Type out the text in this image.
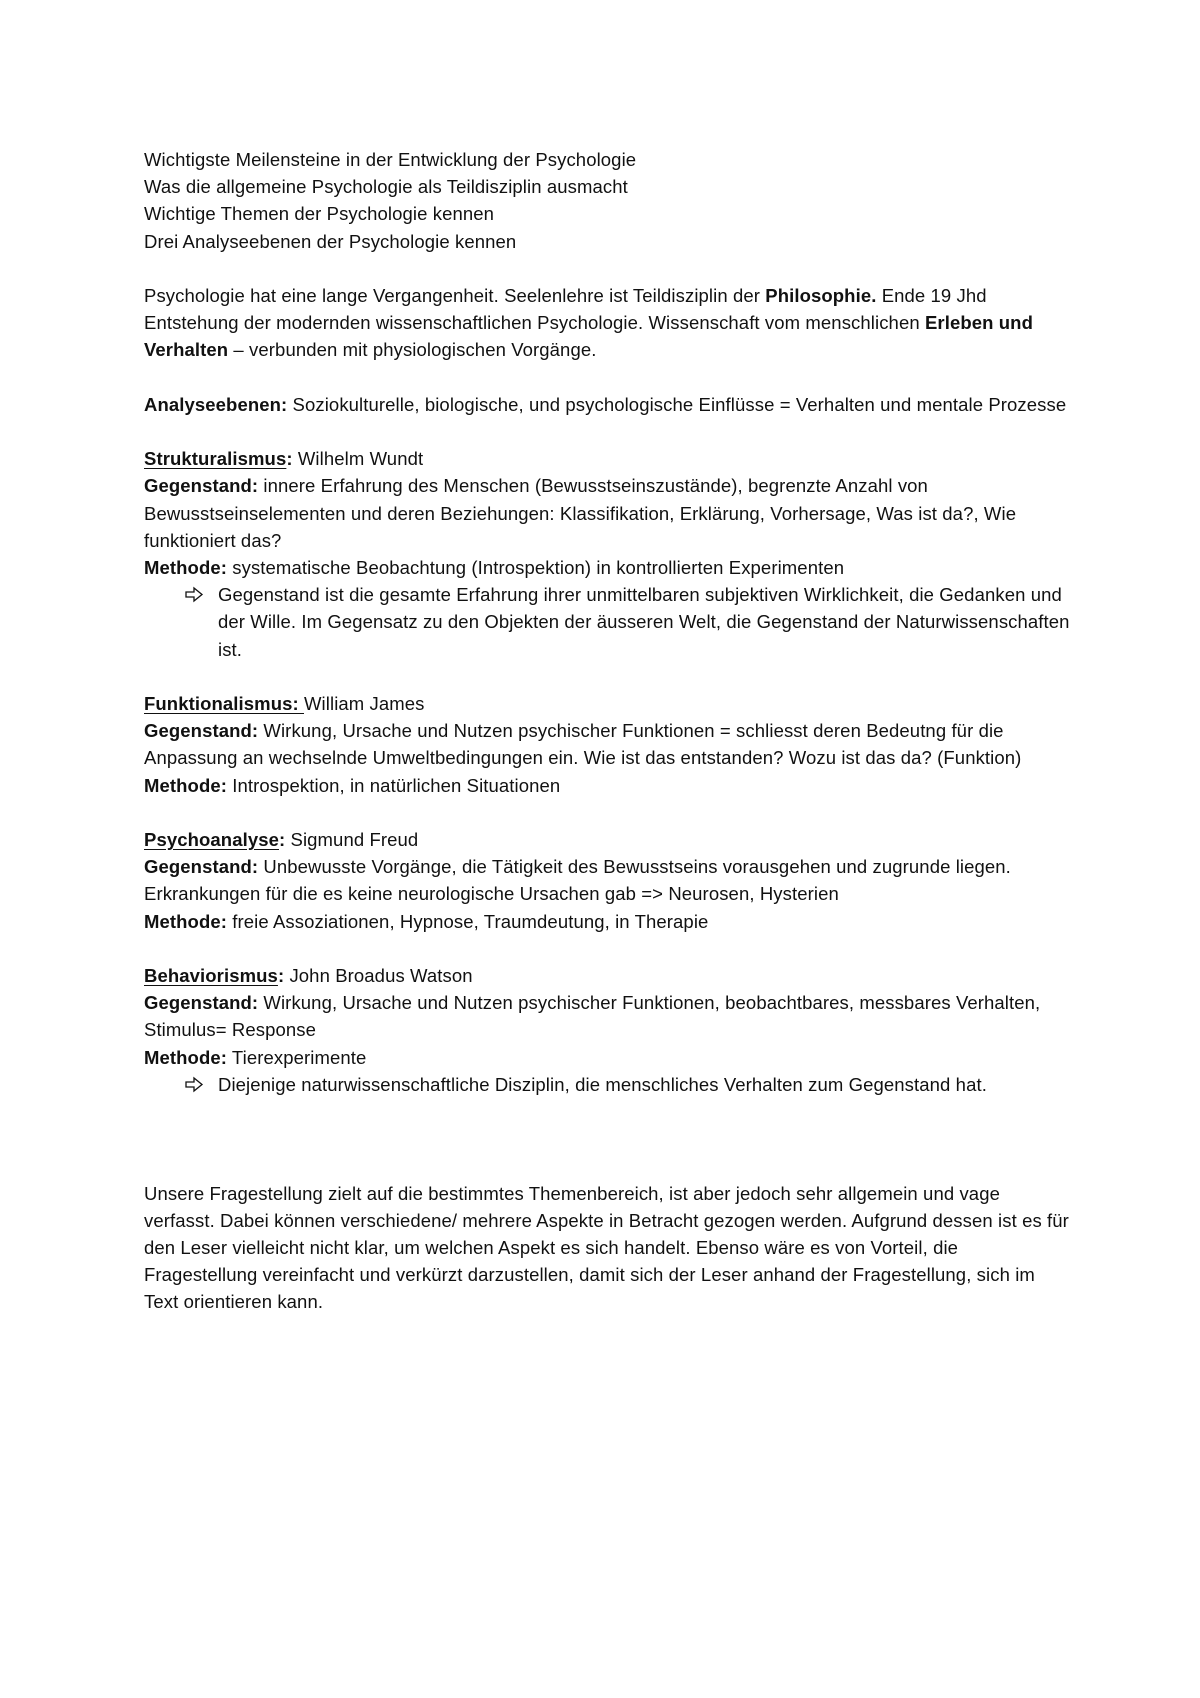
Wichtigste Meilensteine in der Entwicklung der Psychologie
Was die allgemeine Psychologie als Teildisziplin ausmacht
Wichtige Themen der Psychologie kennen
Drei Analyseebenen der Psychologie kennen

Psychologie hat eine lange Vergangenheit. Seelenlehre ist Teildisziplin der Philosophie. Ende 19 Jhd Entstehung der modernden wissenschaftlichen Psychologie. Wissenschaft vom menschlichen Erleben und Verhalten – verbunden mit physiologischen Vorgänge.

Analyseebenen: Soziokulturelle, biologische, und psychologische Einflüsse = Verhalten und mentale Prozesse

Strukturalismus: Wilhelm Wundt

Gegenstand: innere Erfahrung des Menschen (Bewusstseinszustände), begrenzte Anzahl von Bewusstseinselementen und deren Beziehungen: Klassifikation, Erklärung, Vorhersage, Was ist da?, Wie funktioniert das?

Methode: systematische Beobachtung (Introspektion) in kontrollierten Experimenten

Gegenstand ist die gesamte Erfahrung ihrer unmittelbaren subjektiven Wirklichkeit, die Gedanken und der Wille. Im Gegensatz zu den Objekten der äusseren Welt, die Gegenstand der Naturwissenschaften ist.
Funktionalismus: William James

Gegenstand: Wirkung, Ursache und Nutzen psychischer Funktionen = schliesst deren Bedeutng für die Anpassung an wechselnde Umweltbedingungen ein. Wie ist das entstanden? Wozu ist das da? (Funktion)

Methode: Introspektion, in natürlichen Situationen

Psychoanalyse: Sigmund Freud

Gegenstand: Unbewusste Vorgänge, die Tätigkeit des Bewusstseins vorausgehen und zugrunde liegen. Erkrankungen für die es keine neurologische Ursachen gab => Neurosen, Hysterien

Methode: freie Assoziationen, Hypnose, Traumdeutung, in Therapie

Behaviorismus: John Broadus Watson

Gegenstand: Wirkung, Ursache und Nutzen psychischer Funktionen, beobachtbares, messbares Verhalten, Stimulus= Response

Methode: Tierexperimente

Diejenige naturwissenschaftliche Disziplin, die menschliches Verhalten zum Gegenstand hat.

Unsere Fragestellung zielt auf die bestimmtes Themenbereich, ist aber jedoch sehr allgemein und vage verfasst. Dabei können verschiedene/ mehrere Aspekte in Betracht gezogen werden. Aufgrund dessen ist es für den Leser vielleicht nicht klar, um welchen Aspekt es sich handelt. Ebenso wäre es von Vorteil, die Fragestellung vereinfacht und verkürzt darzustellen, damit sich der Leser anhand der Fragestellung, sich im Text orientieren kann.
